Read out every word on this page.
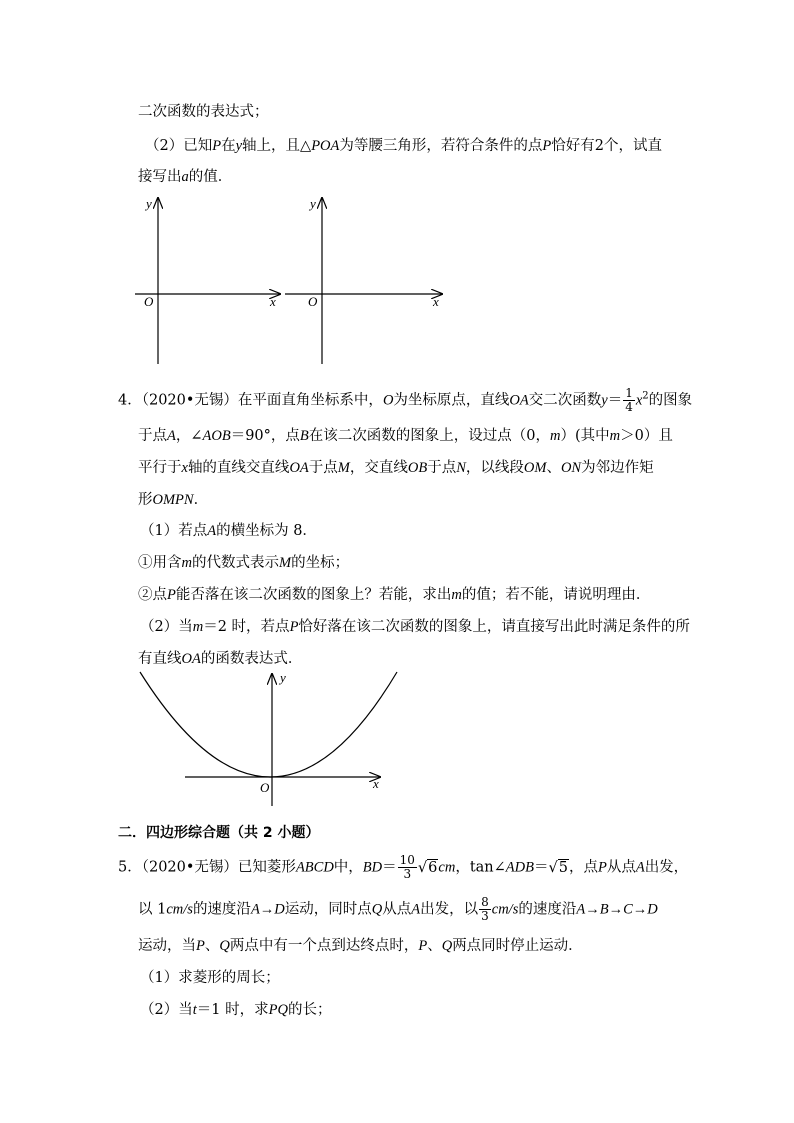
二次函数的表达式；
（2）已知P在y轴上，且△POA为等腰三角形，若符合条件的点P恰好有2个，试直
接写出a的值．
y
x
O
y
x
O
4．（2020•无锡）在平面直角坐标系中，O为坐标原点，直线OA交二次函数$y= \frac{1}{4} x^2$的图象
于点A，∠AOB＝90°，点B在该二次函数的图象上，设过点（0，m）(其中m＞0）且
平行于x轴的直线交直线OA于点M，交直线OB于点N，以线段OM、ON为邻边作矩
形OMPN．
（1）若点A的横坐标为 8．
①用含m的代数式表示M的坐标；
②点P能否落在该二次函数的图象上？若能，求出m的值；若不能，请说明理由．
（2）当m＝2 时，若点P恰好落在该二次函数的图象上，请直接写出此时满足条件的所
有直线OA的函数表达式．
y
x
O
二．四边形综合题（共 2 小题）
5．（2020•无锡）已知菱形ABCD中，$BD= \frac{10}{3} √6cm$，tan∠ADB＝√5，点P从点A出发，
以 1cm/s的速度沿A→D运动，同时点Q从点A出发，以 $\frac{8}{3} cm/s$的速度沿A→B→C→D
运动，当P、Q两点中有一个点到达终点时，P、Q两点同时停止运动．
（1）求菱形的周长；
（2）当t＝1 时，求PQ的长；
